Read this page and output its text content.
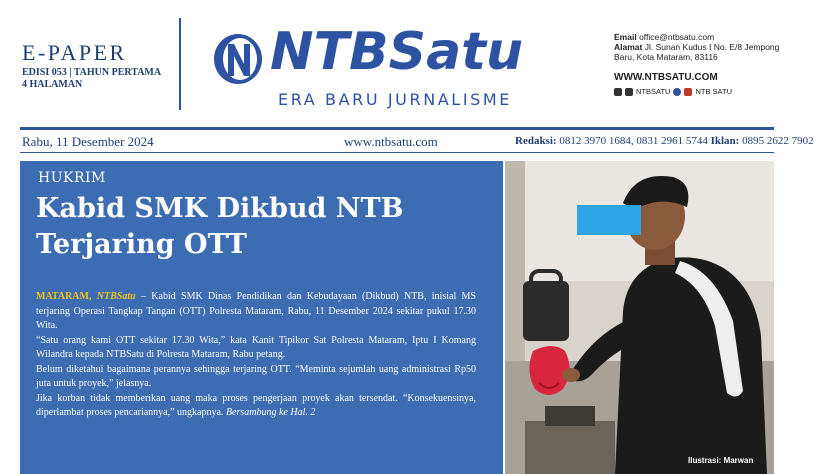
E-PAPER
EDISI 053 | TAHUN PERTAMA
4 HALAMAN
NTBSatu
ERA BARU JURNALISME
Email office@ntbsatu.com
Alamat Jl. Sunan Kudus I No. E/8 Jempong Baru, Kota Mataram, 83116
WWW.NTBSATU.COM
NTBSATU	NTB SATU
Rabu, 11 Desember 2024	www.ntbsatu.com	Redaksi: 0812 3970 1684, 0831 2961 5744 Iklan: 0895 2622 7902
HUKRIM
Kabid SMK Dikbud NTB Terjaring OTT

MATARAM, NTBSatu – Kabid SMK Dinas Pendidikan dan Kebudayaan (Dikbud) NTB, inisial MS terjaring Operasi Tangkap Tangan (OTT) Polresta Mataram, Rabu, 11 Desember 2024 sekitar pukul 17.30 Wita.

“Satu orang kami OTT sekitar 17.30 Wita,” kata Kanit Tipikor Sat Polresta Mataram, Iptu I Komang Wilandra kepada NTBSatu di Polresta Mataram, Rabu petang.

Belum diketahui bagaimana perannya sehingga terjaring OTT. “Meminta sejumlah uang administrasi Rp50 juta untuk proyek,” jelasnya.

Jika korban tidak memberikan uang maka proses pengerjaan proyek akan tersendat. “Konsekuensinya, diperlambat proses pencariannya,” ungkapnya. Bersambung ke Hal. 2

Ilustrasi: Marwan
